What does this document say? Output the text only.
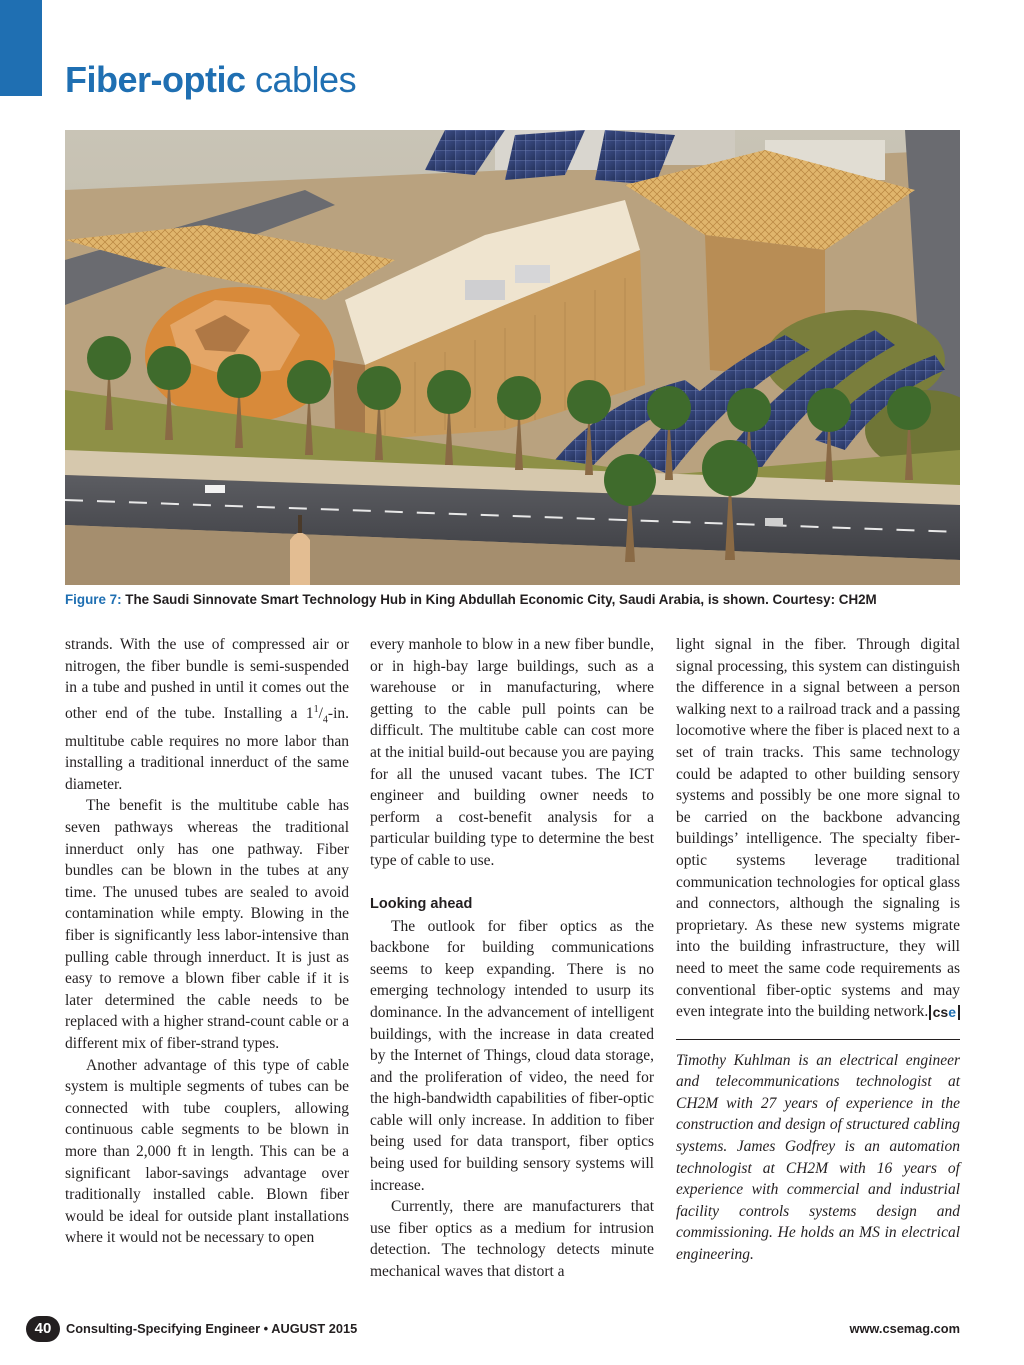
Fiber-optic cables
Figure 7: The Saudi Sinnovate Smart Technology Hub in King Abdullah Economic City, Saudi Arabia, is shown. Courtesy: CH2M

strands. With the use of compressed air or nitrogen, the fiber bundle is semi-suspended in a tube and pushed in until it comes out the other end of the tube. Installing a $1^1/_4-in$. multitube cable requires no more labor than installing a traditional innerduct of the same diameter.

The benefit is the multitube cable has seven pathways whereas the traditional innerduct only has one pathway. Fiber bundles can be blown in the tubes at any time. The unused tubes are sealed to avoid contamination while empty. Blowing in the fiber is significantly less labor-intensive than pulling cable through innerduct. It is just as easy to remove a blown fiber cable if it is later determined the cable needs to be replaced with a higher strand-count cable or a different mix of fiber-strand types.

Another advantage of this type of cable system is multiple segments of tubes can be connected with tube couplers, allowing continuous cable segments to be blown in more than 2,000 ft in length. This can be a significant labor-savings advantage over traditionally installed cable. Blown fiber would be ideal for outside plant installations where it would not be necessary to open

every manhole to blow in a new fiber bundle, or in high-bay large buildings, such as a warehouse or in manufacturing, where getting to the cable pull points can be difficult. The multitube cable can cost more at the initial build-out because you are paying for all the unused vacant tubes. The ICT engineer and building owner needs to perform a cost-benefit analysis for a particular building type to determine the best type of cable to use.

Looking ahead

The outlook for fiber optics as the backbone for building communications seems to keep expanding. There is no emerging technology intended to usurp its dominance. In the advancement of intelligent buildings, with the increase in data created by the Internet of Things, cloud data storage, and the proliferation of video, the need for the high-bandwidth capabilities of fiber-optic cable will only increase. In addition to fiber being used for data transport, fiber optics being used for building sensory systems will increase.

Currently, there are manufacturers that use fiber optics as a medium for intrusion detection. The technology detects minute mechanical waves that distort a

light signal in the fiber. Through digital signal processing, this system can distinguish the difference in a signal between a person walking next to a railroad track and a passing locomotive where the fiber is placed next to a set of train tracks. This same technology could be adapted to other building sensory systems and possibly be one more signal to be carried on the backbone advancing buildings’ intelligence. The specialty fiber-optic systems leverage traditional communication technologies for optical glass and connectors, although the signaling is proprietary. As these new systems migrate into the building infrastructure, they will need to meet the same code requirements as conventional fiber-optic systems and may even integrate into the building network. cse

Timothy Kuhlman is an electrical engineer and telecommunications technologist at CH2M with 27 years of experience in the construction and design of structured cabling systems. James Godfrey is an automation technologist at CH2M with 16 years of experience with commercial and industrial facility controls systems design and commissioning. He holds an MS in electrical engineering.

40	Consulting-Specifying Engineer • AUGUST 2015	www.csemag.com
